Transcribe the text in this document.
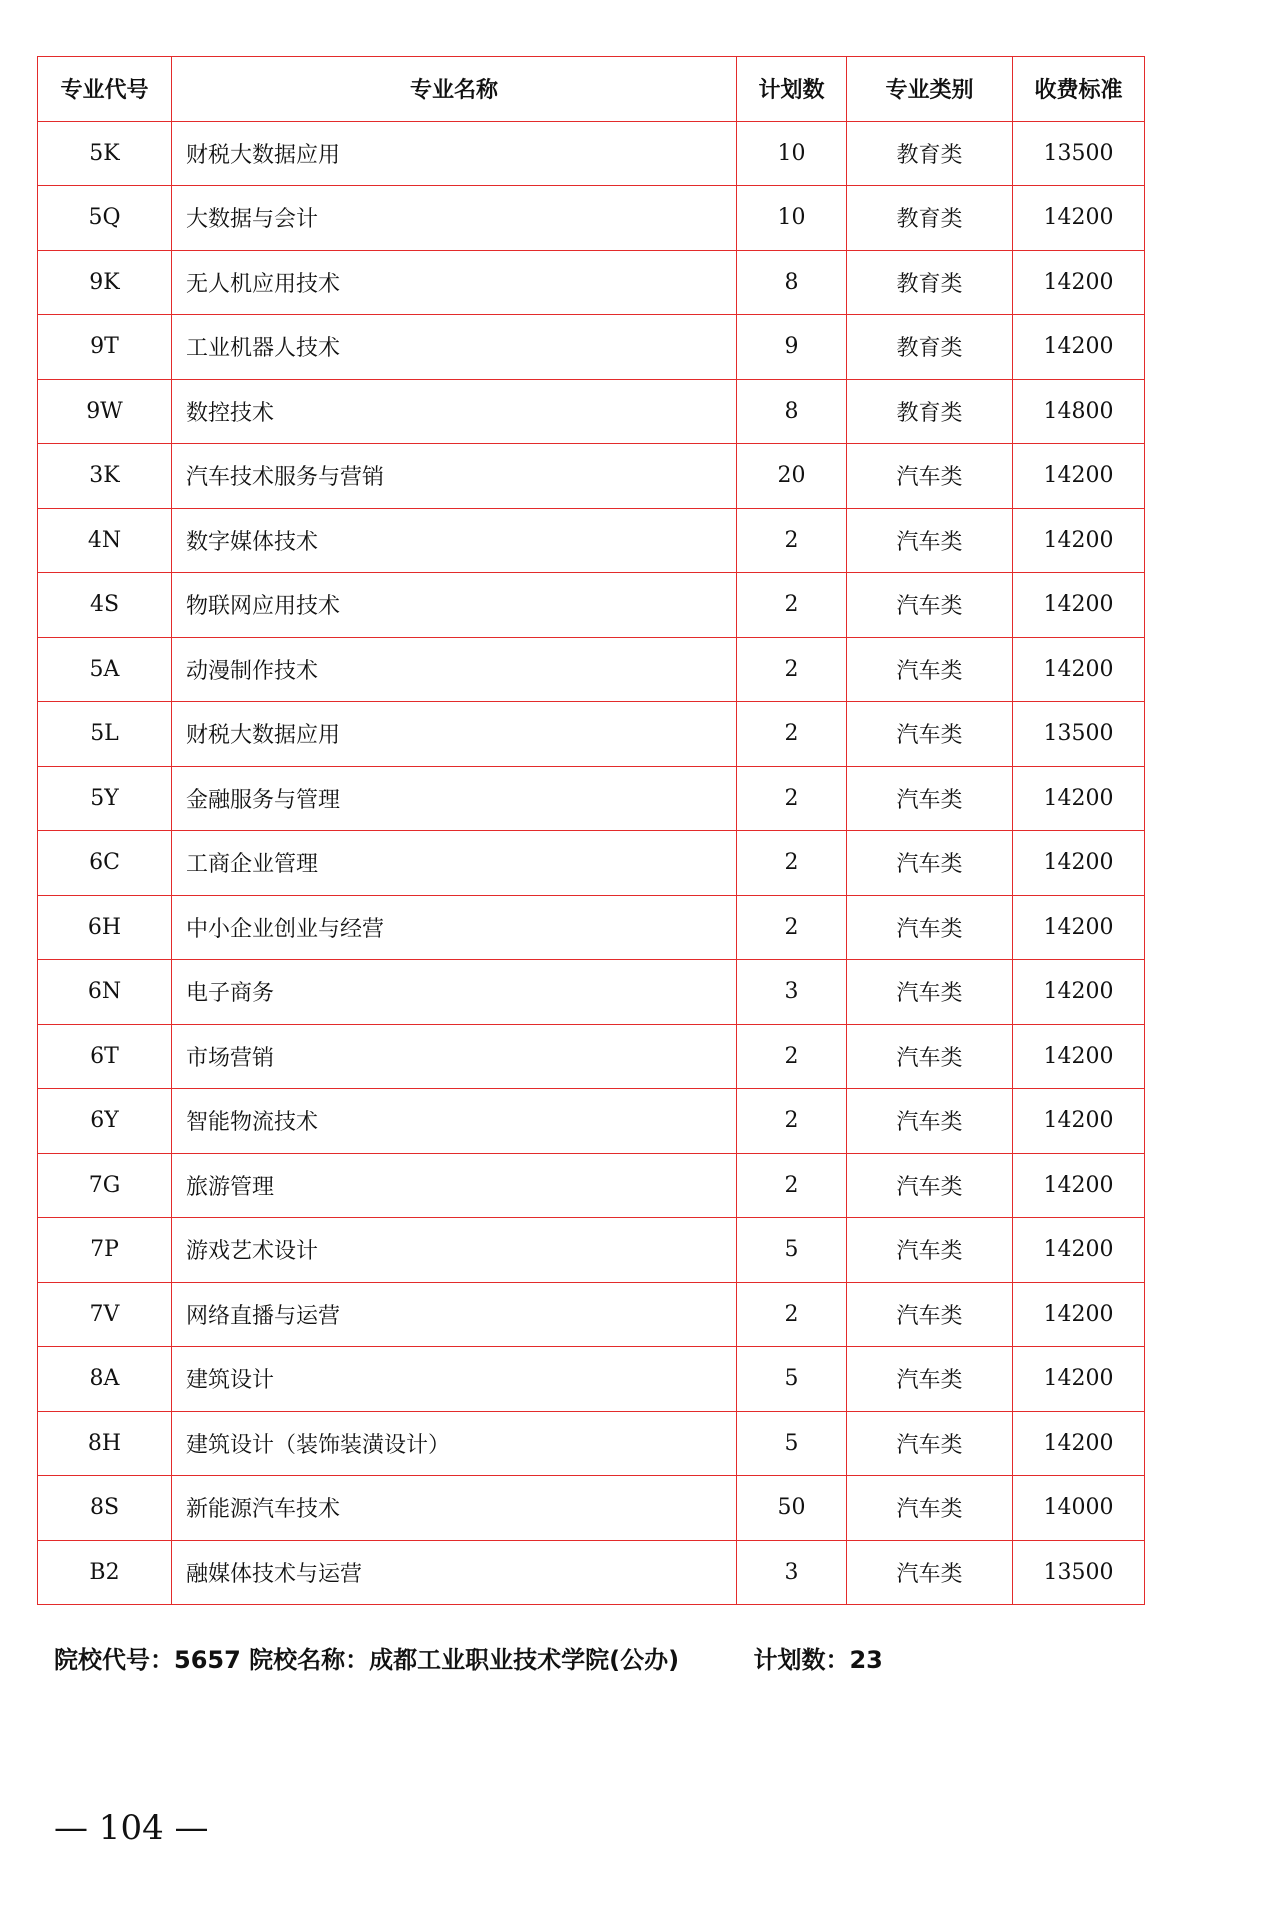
专业代号	专业名称	计划数	专业类别	收费标准
5K	财税大数据应用	10	教育类	13500
5Q	大数据与会计	10	教育类	14200
9K	无人机应用技术	8	教育类	14200
9T	工业机器人技术	9	教育类	14200
9W	数控技术	8	教育类	14800
3K	汽车技术服务与营销	20	汽车类	14200
4N	数字媒体技术	2	汽车类	14200
4S	物联网应用技术	2	汽车类	14200
5A	动漫制作技术	2	汽车类	14200
5L	财税大数据应用	2	汽车类	13500
5Y	金融服务与管理	2	汽车类	14200
6C	工商企业管理	2	汽车类	14200
6H	中小企业创业与经营	2	汽车类	14200
6N	电子商务	3	汽车类	14200
6T	市场营销	2	汽车类	14200
6Y	智能物流技术	2	汽车类	14200
7G	旅游管理	2	汽车类	14200
7P	游戏艺术设计	5	汽车类	14200
7V	网络直播与运营	2	汽车类	14200
8A	建筑设计	5	汽车类	14200
8H	建筑设计（装饰装潢设计）	5	汽车类	14200
8S	新能源汽车技术	50	汽车类	14000
B2	融媒体技术与运营	3	汽车类	13500
院校代号：5657 院校名称：成都工业职业技术学院(公办)	计划数：23
— 104 —
